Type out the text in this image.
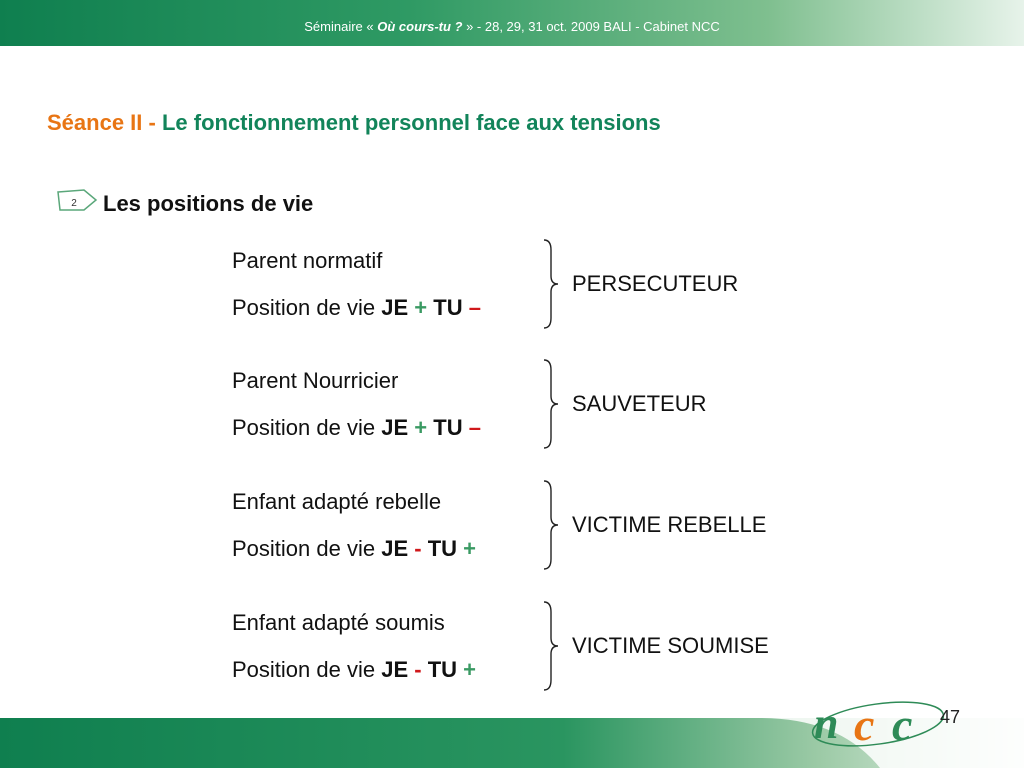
Séminaire « Où cours-tu ? » - 28, 29, 31 oct. 2009 BALI - Cabinet NCC
Séance II - Le fonctionnement personnel face aux tensions
2 Les positions de vie
Parent normatif
Position de vie JE + TU –
PERSECUTEUR
Parent Nourricier
Position de vie JE + TU –
SAUVETEUR
Enfant adapté rebelle
Position de vie JE - TU +
VICTIME REBELLE
Enfant adapté soumis
Position de vie JE - TU +
VICTIME SOUMISE
n c c 47
